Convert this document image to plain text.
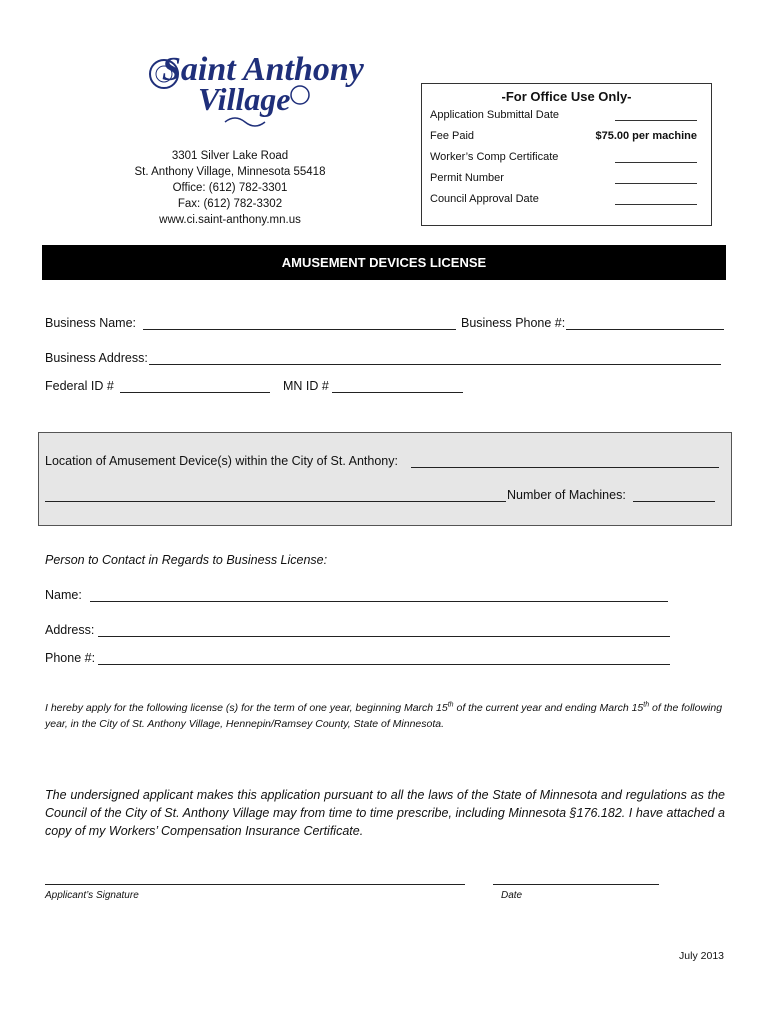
Saint Anthony
Village
3301 Silver Lake Road
St. Anthony Village, Minnesota 55418
Office: (612) 782-3301
Fax: (612) 782-3302
www.ci.saint-anthony.mn.us
-For Office Use Only-
Application Submittal Date
Fee Paid	$75.00 per machine
Worker’s Comp Certificate
Permit Number
Council Approval Date
AMUSEMENT DEVICES LICENSE
Business Name:	Business Phone #:
Business Address:
Federal ID #	MN ID #
Location of Amusement Device(s) within the City of St. Anthony:
Number of Machines:
Person to Contact in Regards to Business License:
Name:
Address:
Phone #:
I hereby apply for the following license (s) for the term of one year, beginning March 15th of the current year and ending March 15th of the following year, in the City of St. Anthony Village, Hennepin/Ramsey County, State of Minnesota.
The undersigned applicant makes this application pursuant to all the laws of the State of Minnesota and regulations as the Council of the City of St. Anthony Village may from time to time prescribe, including Minnesota §176.182. I have attached a copy of my Workers’ Compensation Insurance Certificate.
Applicant’s Signature	Date
July 2013
